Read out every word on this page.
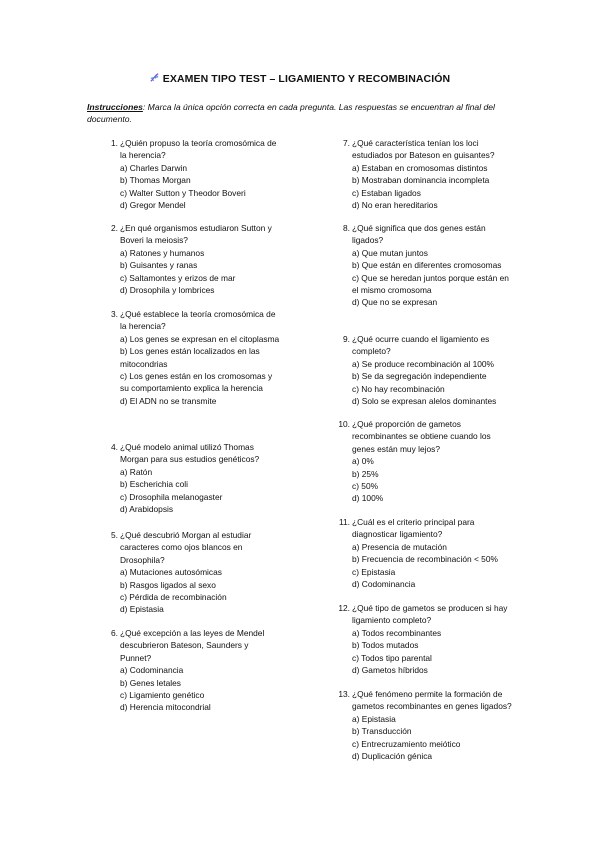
EXAMEN TIPO TEST – LIGAMIENTO Y RECOMBINACIÓN
Instrucciones: Marca la única opción correcta en cada pregunta. Las respuestas se encuentran al final del documento.
1. ¿Quién propuso la teoría cromosómica de la herencia?
a) Charles Darwin
b) Thomas Morgan
c) Walter Sutton y Theodor Boveri
d) Gregor Mendel
2. ¿En qué organismos estudiaron Sutton y Boveri la meiosis?
a) Ratones y humanos
b) Guisantes y ranas
c) Saltamontes y erizos de mar
d) Drosophila y lombrices
3. ¿Qué establece la teoría cromosómica de la herencia?
a) Los genes se expresan en el citoplasma
b) Los genes están localizados en las mitocondrias
c) Los genes están en los cromosomas y su comportamiento explica la herencia
d) El ADN no se transmite
4. ¿Qué modelo animal utilizó Thomas Morgan para sus estudios genéticos?
a) Ratón
b) Escherichia coli
c) Drosophila melanogaster
d) Arabidopsis
5. ¿Qué descubrió Morgan al estudiar caracteres como ojos blancos en Drosophila?
a) Mutaciones autosómicas
b) Rasgos ligados al sexo
c) Pérdida de recombinación
d) Epistasia
6. ¿Qué excepción a las leyes de Mendel descubrieron Bateson, Saunders y Punnet?
a) Codominancia
b) Genes letales
c) Ligamiento genético
d) Herencia mitocondrial
7. ¿Qué característica tenían los loci estudiados por Bateson en guisantes?
a) Estaban en cromosomas distintos
b) Mostraban dominancia incompleta
c) Estaban ligados
d) No eran hereditarios
8. ¿Qué significa que dos genes están ligados?
a) Que mutan juntos
b) Que están en diferentes cromosomas
c) Que se heredan juntos porque están en el mismo cromosoma
d) Que no se expresan
9. ¿Qué ocurre cuando el ligamiento es completo?
a) Se produce recombinación al 100%
b) Se da segregación independiente
c) No hay recombinación
d) Solo se expresan alelos dominantes
10. ¿Qué proporción de gametos recombinantes se obtiene cuando los genes están muy lejos?
a) 0%
b) 25%
c) 50%
d) 100%
11. ¿Cuál es el criterio principal para diagnosticar ligamiento?
a) Presencia de mutación
b) Frecuencia de recombinación < 50%
c) Epistasia
d) Codominancia
12. ¿Qué tipo de gametos se producen si hay ligamiento completo?
a) Todos recombinantes
b) Todos mutados
c) Todos tipo parental
d) Gametos híbridos
13. ¿Qué fenómeno permite la formación de gametos recombinantes en genes ligados?
a) Epistasia
b) Transducción
c) Entrecruzamiento meiótico
d) Duplicación génica
